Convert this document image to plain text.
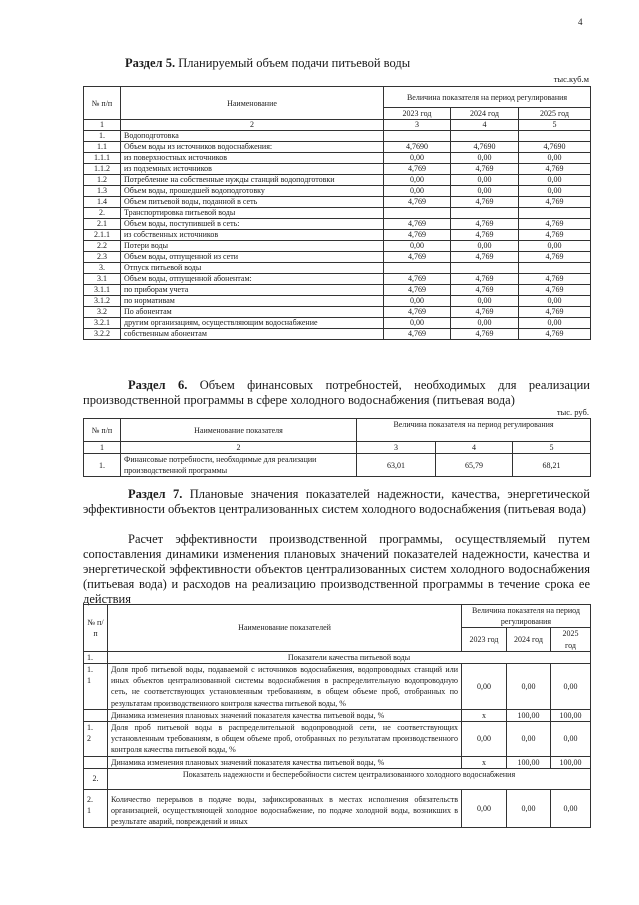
4
Раздел 5. Планируемый объем подачи питьевой воды
тыс.куб.м
№ п/п	Наименование	Величина показателя на период регулирования		
		2023 год	2024 год	2025 год
1	2	3	4	5
1.	Водоподготовка			
1.1	Объем воды из источников водоснабжения:	4,7690	4,7690	4,7690
1.1.1	из поверхностных источников	0,00	0,00	0,00
1.1.2	из подземных источников	4,769	4,769	4,769
1.2	Потребление на собственные нужды станций водоподготовки	0,00	0,00	0,00
1.3	Объем воды, прошедшей водоподготовку	0,00	0,00	0,00
1.4	Объем питьевой воды, поданной в сеть	4,769	4,769	4,769
2.	Транспортировка питьевой воды			
2.1	Объем воды, поступившей в сеть:	4,769	4,769	4,769
2.1.1	из собственных источников	4,769	4,769	4,769
2.2	Потери воды	0,00	0,00	0,00
2.3	Объем воды, отпущенной из сети	4,769	4,769	4,769
3.	Отпуск питьевой воды			
3.1	Объем воды, отпущенной абонентам:	4,769	4,769	4,769
3.1.1	по приборам учета	4,769	4,769	4,769
3.1.2	по нормативам	0,00	0,00	0,00
3.2	По абонентам	4,769	4,769	4,769
3.2.1	другим организациям, осуществляющим водоснабжение	0,00	0,00	0,00
3.2.2	собственным абонентам	4,769	4,769	4,769
Раздел 6. Объем финансовых потребностей, необходимых для реализации производственной программы в сфере холодного водоснабжения (питьевая вода)
тыс. руб.
№ п/п	Наименование показателя	Величина показателя на период регулирования		
1	2	3	4	5
1.	Финансовые потребности, необходимые для реализации производственной программы	63,01	65,79	68,21
Раздел 7. Плановые значения показателей надежности, качества, энергетической эффективности объектов централизованных систем холодного водоснабжения (питьевая вода)
Расчет эффективности производственной программы, осуществляемый путем сопоставления динамики изменения плановых значений показателей надежности, качества и энергетической эффективности объектов централизованных систем холодного водоснабжения (питьевая вода) и расходов на реализацию производственной программы в течение срока ее действия
№ п/ п	Наименование показателей	Величина показателя на период регулирования		
		2023 год	2024 год	2025 год
1.	Показатели качества питьевой воды			
1. 1	Доля проб питьевой воды, подаваемой с источников водоснабжения, водопроводных станций или иных объектов централизованной системы водоснабжения в распределительную водопроводную сеть, не соответствующих установленным требованиям, в общем объеме проб, отобранных по результатам производственного контроля качества питьевой воды, %	0,00	0,00	0,00
	Динамика изменения плановых значений показателя качества питьевой воды, %	х	100,00	100,00
1. 2	Доля проб питьевой воды в распределительной водопроводной сети, не соответствующих установленным требованиям, в общем объеме проб, отобранных по результатам производственного контроля качества питьевой воды, %	0,00	0,00	0,00
	Динамика изменения плановых значений показателя качества питьевой воды, %	х	100,00	100,00
2.	Показатель надежности и бесперебойности систем централизованного холодного водоснабжения			
2. 1	Количество перерывов в подаче воды, зафиксированных в местах исполнения обязательств организацией, осуществляющей холодное водоснабжение, по подаче холодной воды, возникших в результате аварий, повреждений и иных	0,00	0,00	0,00
